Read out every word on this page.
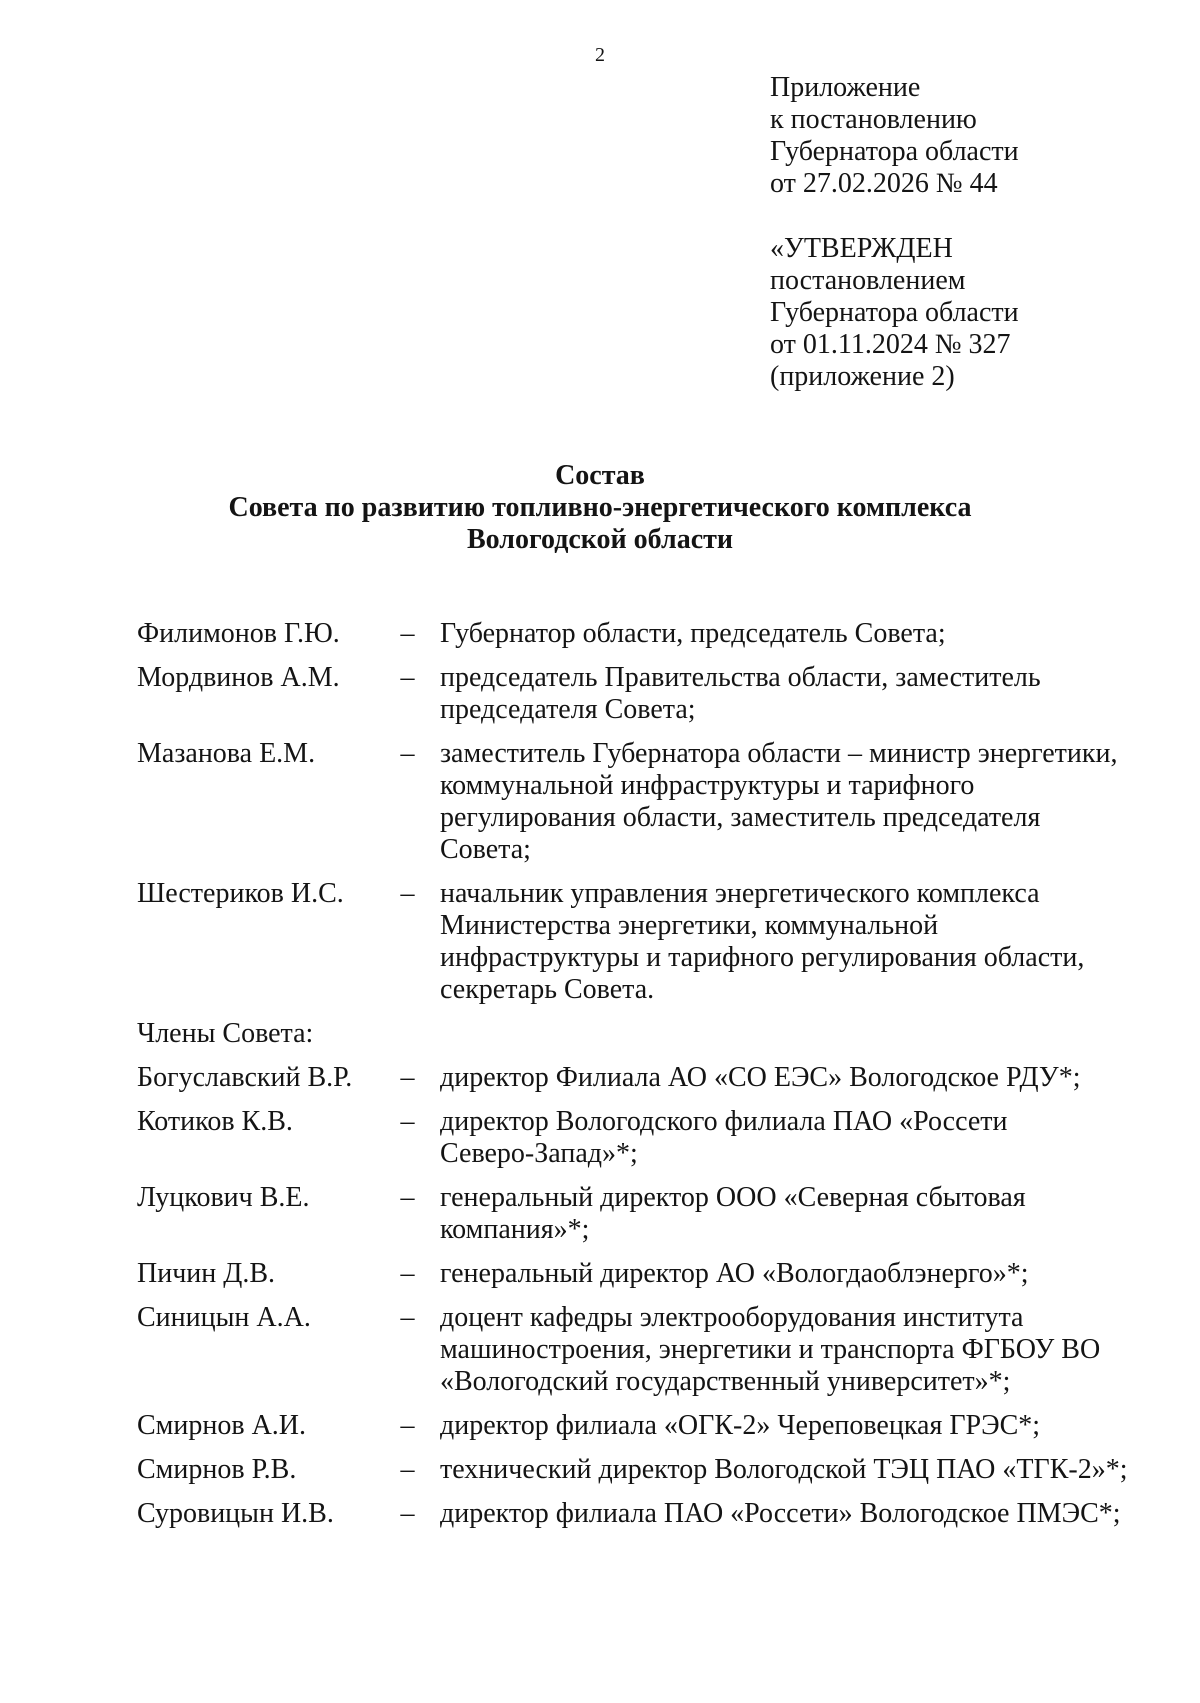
2
Приложение
к постановлению
Губернатора области
от 27.02.2026 № 44
«УТВЕРЖДЕН
постановлением
Губернатора области
от 01.11.2024 № 327
(приложение 2)
Состав
Совета по развитию топливно-энергетического комплекса
Вологодской области
Филимонов Г.Ю.	– Губернатор области, председатель Совета;
Мордвинов А.М.	– председатель Правительства области, заместитель
председателя Совета;
Мазанова Е.М.	– заместитель Губернатора области – министр энергетики,
коммунальной инфраструктуры и тарифного
регулирования области, заместитель председателя
Совета;
Шестериков И.С.	– начальник управления энергетического комплекса
Министерства энергетики, коммунальной
инфраструктуры и тарифного регулирования области,
секретарь Совета.
Члены Совета:
Богуславский В.Р.	– директор Филиала АО «СО ЕЭС» Вологодское РДУ*;
Котиков К.В.	– директор Вологодского филиала ПАО «Россети
Северо-Запад»*;
Луцкович В.Е.	– генеральный директор ООО «Северная сбытовая
компания»*;
Пичин Д.В.	– генеральный директор АО «Вологдаоблэнерго»*;
Синицын А.А.	– доцент кафедры электрооборудования института
машиностроения, энергетики и транспорта ФГБОУ ВО
«Вологодский государственный университет»*;
Смирнов А.И.	– директор филиала «ОГК-2» Череповецкая ГРЭС*;
Смирнов Р.В.	– технический директор Вологодской ТЭЦ ПАО «ТГК-2»*;
Суровицын И.В.	– директор филиала ПАО «Россети» Вологодское ПМЭС*;
